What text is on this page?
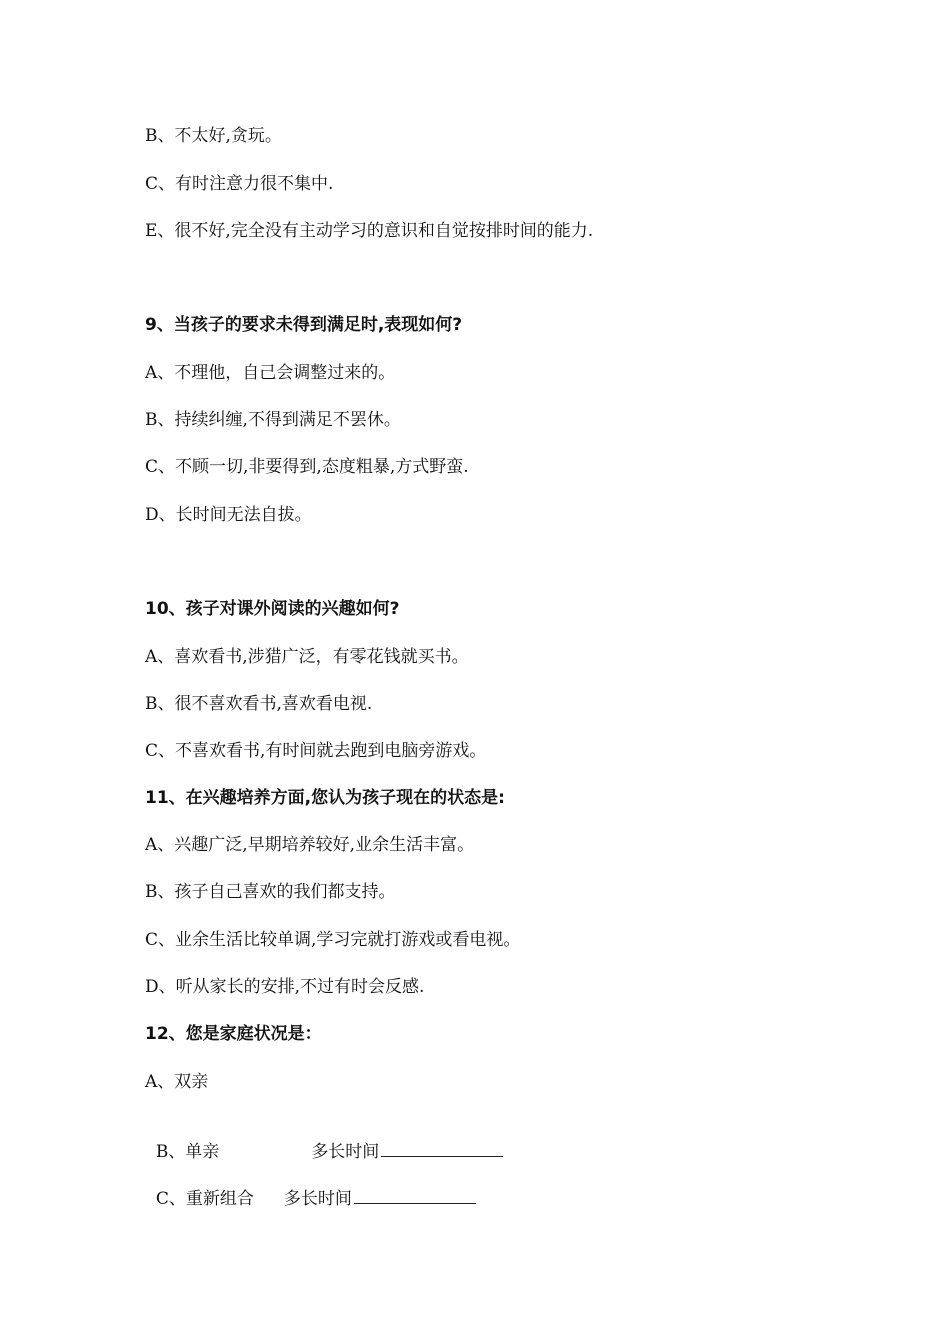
B、不太好,贪玩。
C、有时注意力很不集中.
E、很不好,完全没有主动学习的意识和自觉按排时间的能力.
9、当孩子的要求未得到满足时,表现如何?
A、不理他，自己会调整过来的。
B、持续纠缠,不得到满足不罢休。
C、不顾一切,非要得到,态度粗暴,方式野蛮.
D、长时间无法自拔。
10、孩子对课外阅读的兴趣如何?
A、喜欢看书,涉猎广泛，有零花钱就买书。
B、很不喜欢看书,喜欢看电视.
C、不喜欢看书,有时间就去跑到电脑旁游戏。
11、在兴趣培养方面,您认为孩子现在的状态是:
A、兴趣广泛,早期培养较好,业余生活丰富。
B、孩子自己喜欢的我们都支持。
C、业余生活比较单调,学习完就打游戏或看电视。
D、听从家长的安排,不过有时会反感.
12、您是家庭状况是：
A、双亲

B、单亲	多长时间

C、重新组合 多长时间
